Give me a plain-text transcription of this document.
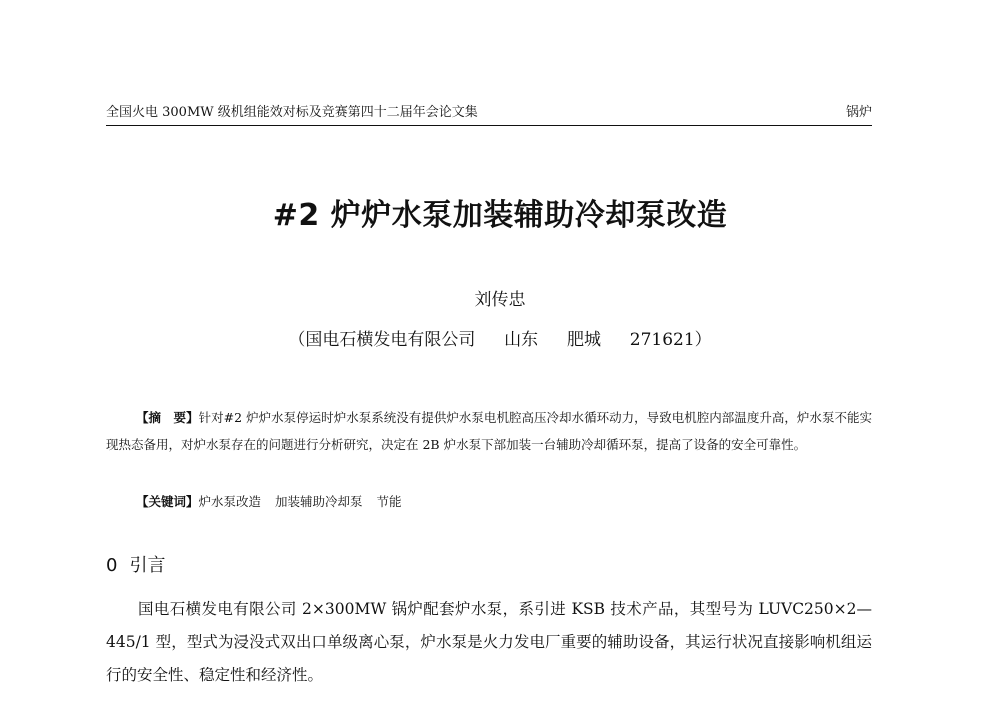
全国火电 300MW 级机组能效对标及竞赛第四十二届年会论文集	锅炉
#2 炉炉水泵加装辅助冷却泵改造
刘传忠
（国电石横发电有限公司 山东 肥城 271621）
【摘　要】针对#2 炉炉水泵停运时炉水泵系统没有提供炉水泵电机腔高压冷却水循环动力，导致电机腔内部温度升高，炉水泵不能实现热态备用，对炉水泵存在的问题进行分析研究，决定在 2B 炉水泵下部加装一台辅助冷却循环泵，提高了设备的安全可靠性。
【关键词】炉水泵改造 加装辅助冷却泵 节能
0 引言
国电石横发电有限公司 2×300MW 锅炉配套炉水泵，系引进 KSB 技术产品，其型号为 LUVC250×2—445/1 型，型式为浸没式双出口单级离心泵，炉水泵是火力发电厂重要的辅助设备，其运行状况直接影响机组运行的安全性、稳定性和经济性。
